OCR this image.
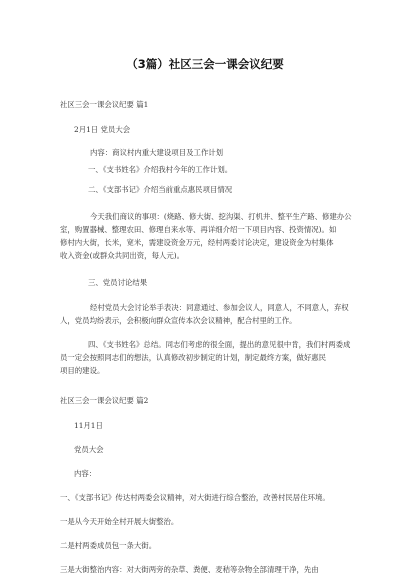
（3篇）社区三会一课会议纪要
社区三会一课会议纪要 篇1
2月1日 党员大会
内容：商议村内重大建设项目及工作计划
一、《支书姓名》介绍我村今年的工作计划。
二、《支部书记》介绍当前重点惠民项目情况
今天我们商议的事项：(烧路、修大街、挖沟渠、打机井、整平生产路、修建办公
室，购置器械、整理农田、修理自来水等、再详细介绍一下项目内容、投资情况)。如
修村内大街，长米，宽米，需建设资金万元，经村两委讨论决定，建设资金为村集体
收入资金(或群众共同出资，每人元)。
三、党员讨论结果
经村党员大会讨论举手表决：同意通过、参加会议人，同意人，不同意人，弃权
人，党员均纷表示，会积极向群众宣传本次会议精神，配合村里的工作。
四、《支书姓名》总结。同志们考虑的很全面，提出的意见很中肯，我们村两委成
员一定会按照同志们的想法，认真修改初步制定的计划，制定最终方案，做好惠民
项目的建设。
社区三会一课会议纪要 篇2
11月1日
党员大会
内容：
一、《支部书记》传达村两委会议精神，对大街进行综合整治，改善村民居住环境。
一是从今天开始全村开展大街整治。
二是村两委成员包一条大街。
三是大街整治内容：对大街两旁的杂草、粪便、麦秸等杂物全部清理干净，先由
